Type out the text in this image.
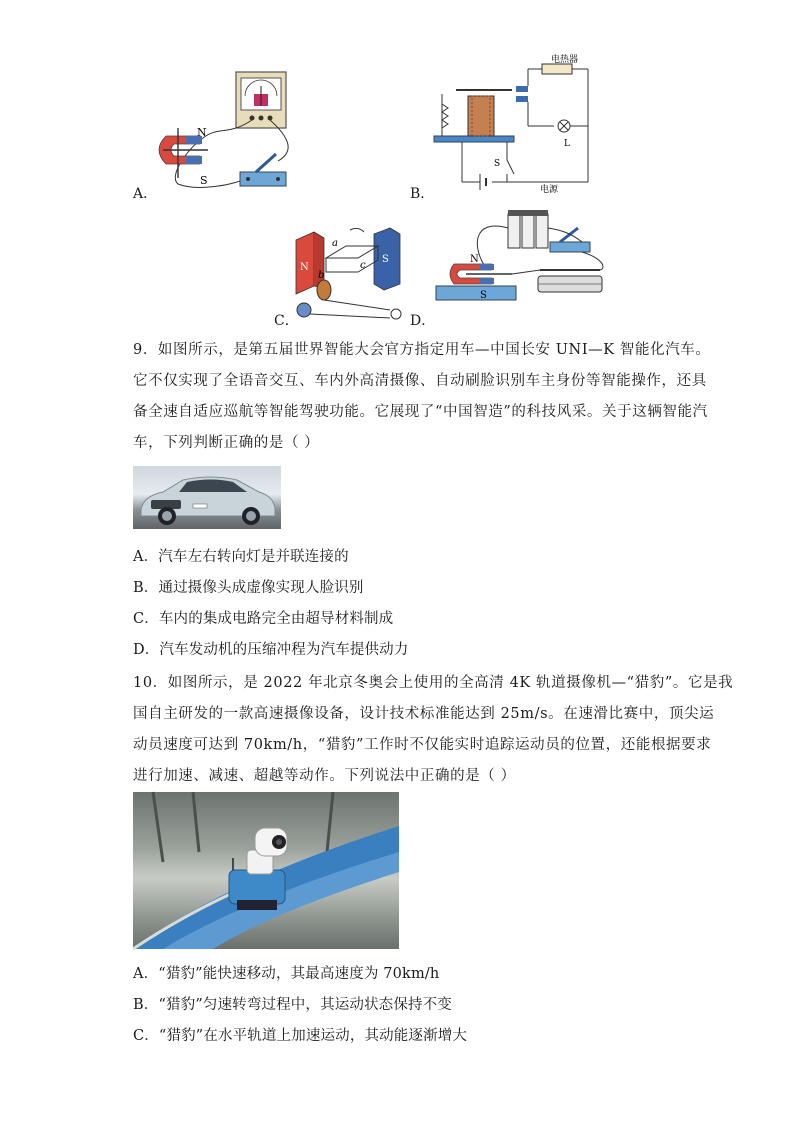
N
S
A．
电热器
L
S
电源
B．
N
S
a
b
c
C．
N
S
D．
9．如图所示，是第五届世界智能大会官方指定用车—中国长安 UNI—K 智能化汽车。
它不仅实现了全语音交互、车内外高清摄像、自动刷脸识别车主身份等智能操作，还具
备全速自适应巡航等智能驾驶功能。它展现了“中国智造”的科技风采。关于这辆智能汽
车，下列判断正确的是（ ）
A．汽车左右转向灯是并联连接的
B．通过摄像头成虚像实现人脸识别
C．车内的集成电路完全由超导材料制成
D．汽车发动机的压缩冲程为汽车提供动力
10．如图所示，是 2022 年北京冬奥会上使用的全高清 4K 轨道摄像机—“猎豹”。它是我
国自主研发的一款高速摄像设备，设计技术标准能达到 25m/s。在速滑比赛中，顶尖运
动员速度可达到 70km/h，“猎豹”工作时不仅能实时追踪运动员的位置，还能根据要求
进行加速、减速、超越等动作。下列说法中正确的是（ ）
A．“猎豹”能快速移动，其最高速度为 70km/h
B．“猎豹”匀速转弯过程中，其运动状态保持不变
C．“猎豹”在水平轨道上加速运动，其动能逐渐增大
